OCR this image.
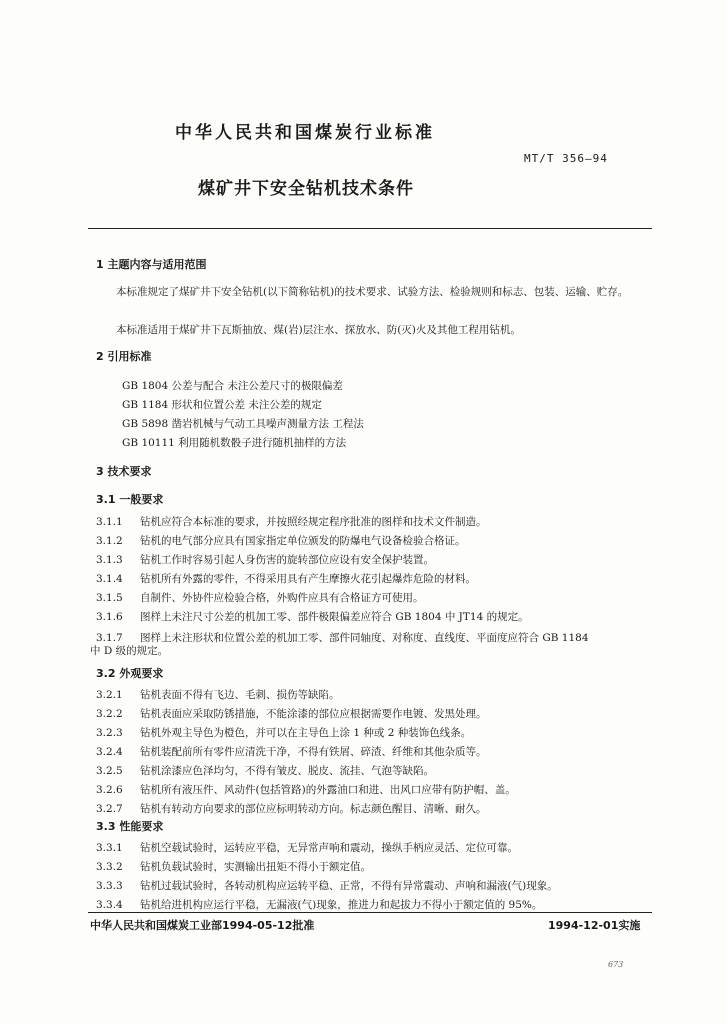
中华人民共和国煤炭行业标准
MT/T 356—94
煤矿井下安全钻机技术条件
1 主题内容与适用范围
本标准规定了煤矿井下安全钻机(以下简称钻机)的技术要求、试验方法、检验规则和标志、包装、运输、贮存。
本标准适用于煤矿井下瓦斯抽放、煤(岩)层注水、探放水、防(灭)火及其他工程用钻机。
2 引用标准
GB 1804 公差与配合 未注公差尺寸的极限偏差
GB 1184 形状和位置公差 未注公差的规定
GB 5898 凿岩机械与气动工具噪声测量方法 工程法
GB 10111 利用随机数骰子进行随机抽样的方法
3 技术要求
3.1 一般要求
3.1.1 钻机应符合本标准的要求，并按照经规定程序批准的图样和技术文件制造。
3.1.2 钻机的电气部分应具有国家指定单位颁发的防爆电气设备检验合格证。
3.1.3 钻机工作时容易引起人身伤害的旋转部位应设有安全保护装置。
3.1.4 钻机所有外露的零件，不得采用具有产生摩擦火花引起爆炸危险的材料。
3.1.5 自制件、外协件应检验合格，外购件应具有合格证方可使用。
3.1.6 图样上未注尺寸公差的机加工零、部件极限偏差应符合 GB 1804 中 JT14 的规定。
3.1.7 图样上未注形状和位置公差的机加工零、部件同轴度、对称度、直线度、平面度应符合 GB 1184
中 D 级的规定。
3.2 外观要求
3.2.1 钻机表面不得有飞边、毛刺、损伤等缺陷。
3.2.2 钻机表面应采取防锈措施，不能涂漆的部位应根据需要作电镀、发黑处理。
3.2.3 钻机外观主导色为橙色，并可以在主导色上涂 1 种或 2 种装饰色线条。
3.2.4 钻机装配前所有零件应清洗干净，不得有铁屑、碎渣、纤维和其他杂质等。
3.2.5 钻机涂漆应色泽均匀，不得有皱皮、脱皮、流挂、气泡等缺陷。
3.2.6 钻机所有液压件、风动件(包括管路)的外露油口和进、出风口应带有防护帽、盖。
3.2.7 钻机有转动方向要求的部位应标明转动方向。标志颜色醒目、清晰、耐久。
3.3 性能要求
3.3.1 钻机空载试验时，运转应平稳，无异常声响和震动，操纵手柄应灵活、定位可靠。
3.3.2 钻机负载试验时，实测输出扭矩不得小于额定值。
3.3.3 钻机过载试验时，各转动机构应运转平稳、正常，不得有异常震动、声响和漏液(气)现象。
3.3.4 钻机给进机构应运行平稳，无漏液(气)现象，推进力和起拔力不得小于额定值的 95%。
中华人民共和国煤炭工业部1994-05-12批准	1994-12-01实施
673
